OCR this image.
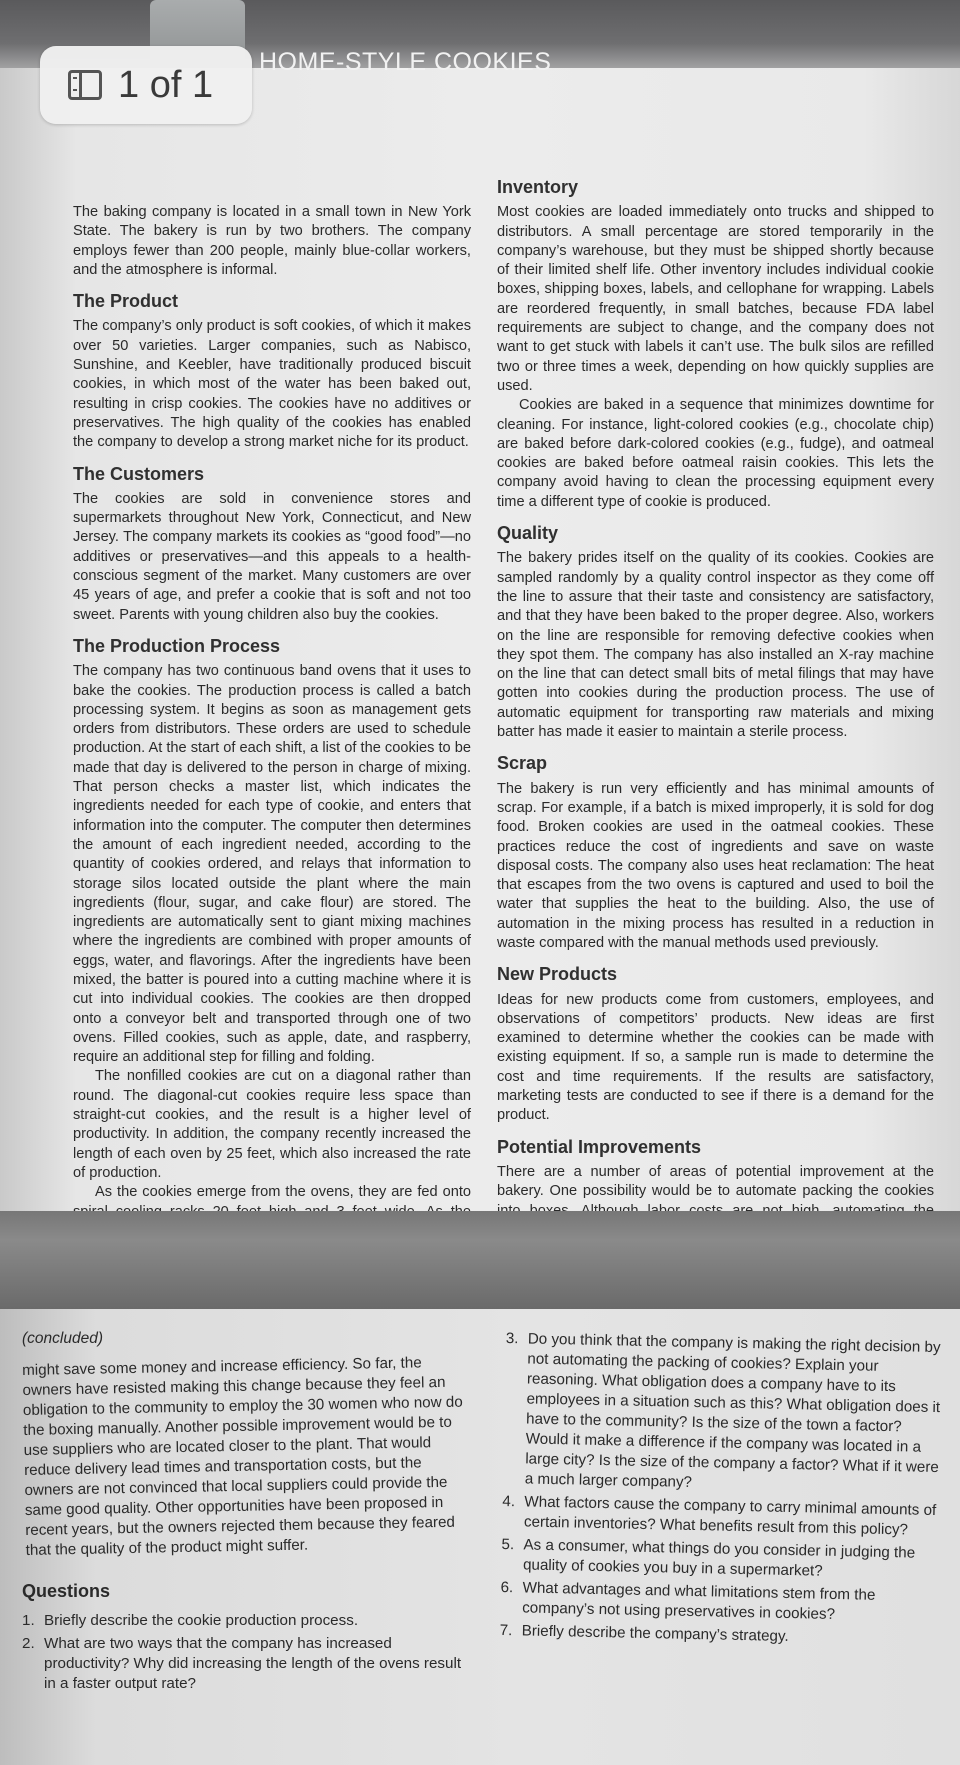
The baking company is located in a small town in New York State. The bakery is run by two brothers. The company employs fewer than 200 people, mainly blue-collar workers, and the atmosphere is informal.

The Product

The company’s only product is soft cookies, of which it makes over 50 varieties. Larger companies, such as Nabisco, Sunshine, and Keebler, have traditionally produced biscuit cookies, in which most of the water has been baked out, resulting in crisp cookies. The cookies have no additives or preservatives. The high quality of the cookies has enabled the company to develop a strong market niche for its product.

The Customers

The cookies are sold in convenience stores and supermarkets throughout New York, Connecticut, and New Jersey. The company markets its cookies as “good food”—no additives or preservatives—and this appeals to a health-conscious segment of the market. Many customers are over 45 years of age, and prefer a cookie that is soft and not too sweet. Parents with young children also buy the cookies.

The Production Process

The company has two continuous band ovens that it uses to bake the cookies. The production process is called a batch processing system. It begins as soon as management gets orders from distributors. These orders are used to schedule production. At the start of each shift, a list of the cookies to be made that day is delivered to the person in charge of mixing. That person checks a master list, which indicates the ingredients needed for each type of cookie, and enters that information into the computer. The computer then determines the amount of each ingredient needed, according to the quantity of cookies ordered, and relays that information to storage silos located outside the plant where the main ingredients (flour, sugar, and cake flour) are stored. The ingredients are automatically sent to giant mixing machines where the ingredients are combined with proper amounts of eggs, water, and flavorings. After the ingredients have been mixed, the batter is poured into a cutting machine where it is cut into individual cookies. The cookies are then dropped onto a conveyor belt and transported through one of two ovens. Filled cookies, such as apple, date, and raspberry, require an additional step for filling and folding.

The nonfilled cookies are cut on a diagonal rather than round. The diagonal-cut cookies require less space than straight-cut cookies, and the result is a higher level of productivity. In addition, the company recently increased the length of each oven by 25 feet, which also increased the rate of production.

As the cookies emerge from the ovens, they are fed onto

Inventory

Most cookies are loaded immediately onto trucks and shipped to distributors. A small percentage are stored temporarily in the company’s warehouse, but they must be shipped shortly because of their limited shelf life. Other inventory includes individual cookie boxes, shipping boxes, labels, and cellophane for wrapping. Labels are reordered frequently, in small batches, because FDA label requirements are subject to change, and the company does not want to get stuck with labels it can’t use. The bulk silos are refilled two or three times a week, depending on how quickly supplies are used.

Cookies are baked in a sequence that minimizes downtime for cleaning. For instance, light-colored cookies (e.g., chocolate chip) are baked before dark-colored cookies (e.g., fudge), and oatmeal cookies are baked before oatmeal raisin cookies. This lets the company avoid having to clean the processing equipment every time a different type of cookie is produced.

Quality

The bakery prides itself on the quality of its cookies. Cookies are sampled randomly by a quality control inspector as they come off the line to assure that their taste and consistency are satisfactory, and that they have been baked to the proper degree. Also, workers on the line are responsible for removing defective cookies when they spot them. The company has also installed an X-ray machine on the line that can detect small bits of metal filings that may have gotten into cookies during the production process. The use of automatic equipment for transporting raw materials and mixing batter has made it easier to maintain a sterile process.

Scrap

The bakery is run very efficiently and has minimal amounts of scrap. For example, if a batch is mixed improperly, it is sold for dog food. Broken cookies are used in the oatmeal cookies. These practices reduce the cost of ingredients and save on waste disposal costs. The company also uses heat reclamation: The heat that escapes from the two ovens is captured and used to boil the water that supplies the heat to the building. Also, the use of automation in the mixing process has resulted in a reduction in waste compared with the manual methods used previously.

New Products

Ideas for new products come from customers, employees, and observations of competitors’ products. New ideas are first examined to determine whether the cookies can be made with existing equipment. If so, a sample run is made to determine the cost and time requirements. If the results are satisfactory, marketing tests are conducted to see if there is a demand for the product.

Potential Improvements

There are a number of areas of potential improvement at the bakery. One possibility would be to automate packing the cookies

HOME-STYLE COOKIES
1 of 1

(concluded)

might save some money and increase efficiency. So far, the owners have resisted making this change because they feel an obligation to the community to employ the 30 women who now do the boxing manually. Another possible improvement would be to use suppliers who are located closer to the plant. That would reduce delivery lead times and transportation costs, but the owners are not convinced that local suppliers could provide the same good quality. Other opportunities have been proposed in recent years, but the owners rejected them because they feared that the quality of the product might suffer.

Questions
1. Briefly describe the cookie production process.
2. What are two ways that the company has increased productivity? Why did increasing the length of the ovens result in a faster output rate?
3. Do you think that the company is making the right decision by not automating the packing of cookies? Explain your reasoning. What obligation does a company have to its employees in a situation such as this? What obligation does it have to the community? Is the size of the town a factor? Would it make a difference if the company was located in a large city? Is the size of the company a factor? What if it were a much larger company?
4. What factors cause the company to carry minimal amounts of certain inventories? What benefits result from this policy?
5. As a consumer, what things do you consider in judging the quality of cookies you buy in a supermarket?
6. What advantages and what limitations stem from the company’s not using preservatives in cookies?
7. Briefly describe the company’s strategy.
